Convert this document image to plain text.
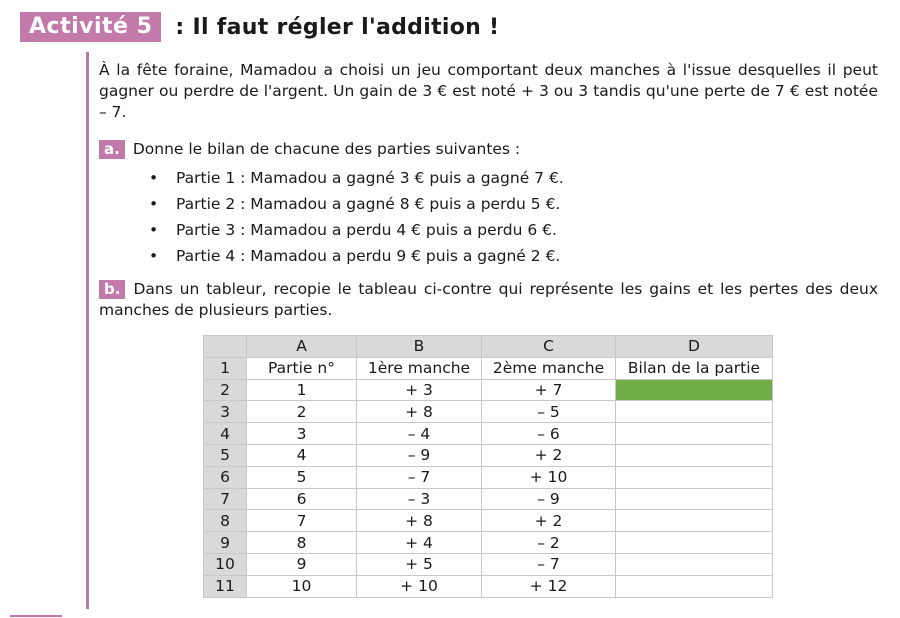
Activité 5	: Il faut régler l'addition !

À la fête foraine, Mamadou a choisi un jeu comportant deux manches à l'issue desquelles il peut gagner ou perdre de l'argent. Un gain de 3 € est noté + 3 ou 3 tandis qu'une perte de 7 € est notée – 7.

a. Donne le bilan de chacune des parties suivantes :

• Partie 1 : Mamadou a gagné 3 € puis a gagné 7 €.
• Partie 2 : Mamadou a gagné 8 € puis a perdu 5 €.
• Partie 3 : Mamadou a perdu 4 € puis a perdu 6 €.
• Partie 4 : Mamadou a perdu 9 € puis a gagné 2 €.

b. Dans un tableur, recopie le tableau ci-contre qui représente les gains et les pertes des deux manches de plusieurs parties.

	A	B	C	D
1	Partie n°	1ère manche	2ème manche	Bilan de la partie
2	1	+ 3	+ 7	
3	2	+ 8	– 5	
4	3	– 4	– 6	
5	4	– 9	+ 2	
6	5	– 7	+ 10	
7	6	– 3	– 9	
8	7	+ 8	+ 2	
9	8	+ 4	– 2	
10	9	+ 5	– 7	
11	10	+ 10	+ 12	
